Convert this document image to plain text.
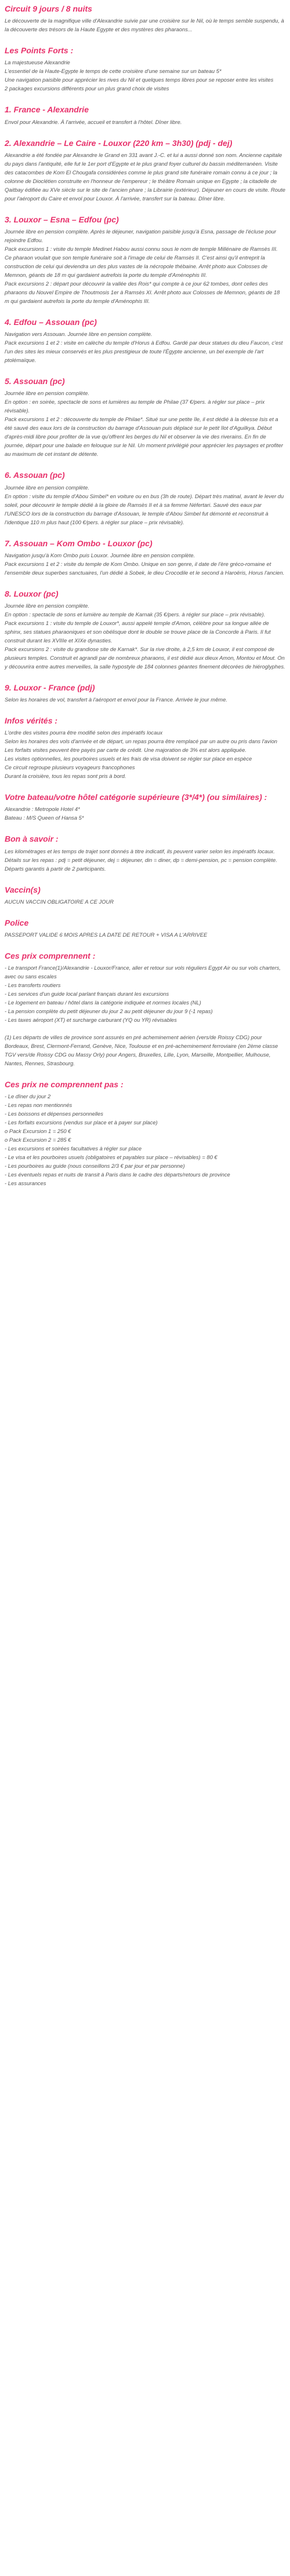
Circuit 9 jours / 8 nuits

Le découverte de la magnifique ville d'Alexandrie suivie par une croisière sur le Nil, où le temps semble suspendu, à la découverte des trésors de la Haute Egypte et des mystères des pharaons...

Les Points Forts :

La majestueuse Alexandrie
L'essentiel de la Haute-Egypte le temps de cette croisière d'une semaine sur un bateau 5*
Une navigation paisible pour apprécier les rives du Nil et quelques temps libres pour se reposer entre les visites
2 packages excursions différents pour un plus grand choix de visites

1. France - Alexandrie

Envol pour Alexandrie. À l'arrivée, accueil et transfert à l'hôtel. Dîner libre.

2. Alexandrie – Le Caire - Louxor (220 km – 3h30) (pdj - dej)

Alexandrie a été fondée par Alexandre le Grand en 331 avant J.-C. et lui a aussi donné son nom. Ancienne capitale du pays dans l'antiquité, elle fut le 1er port d'Egypte et le plus grand foyer culturel du bassin méditerranéen. Visite des catacombes de Kom El Chougafa considérées comme le plus grand site funéraire romain connu à ce jour ; la colonne de Dioclétien construite en l'honneur de l'empereur ; le théâtre Romain unique en Egypte ; la citadelle de Qaitbay édifiée au XVe siècle sur le site de l'ancien phare ; la Librairie (extérieur). Déjeuner en cours de visite. Route pour l'aéroport du Caire et envol pour Louxor. À l'arrivée, transfert sur la bateau. Dîner libre.

3. Louxor – Esna – Edfou (pc)

Journée libre en pension complète. Après le déjeuner, navigation paisible jusqu'à Esna, passage de l'écluse pour rejoindre Edfou.
Pack excursions 1 : visite du temple Medinet Habou aussi connu sous le nom de temple Millénaire de Ramsès III. Ce pharaon voulait que son temple funéraire soit à l'image de celui de Ramsès II. C'est ainsi qu'il entreprit la construction de celui qui deviendra un des plus vastes de la nécropole thébaine. Arrêt photo aux Colosses de Memnon, géants de 18 m qui gardaient autrefois la porte du temple d'Aménophis III.
Pack excursions 2 : départ pour découvrir la vallée des Rois* qui compte à ce jour 62 tombes, dont celles des pharaons du Nouvel Empire de Thoutmosis 1er à Ramsès XI. Arrêt photo aux Colosses de Memnon, géants de 18 m qui gardaient autrefois la porte du temple d'Aménophis III.

4. Edfou – Assouan (pc)

Navigation vers Assouan. Journée libre en pension complète.
Pack excursions 1 et 2 : visite en calèche du temple d'Horus à Edfou. Gardé par deux statues du dieu Faucon, c'est l'un des sites les mieux conservés et les plus prestigieux de toute l'Égypte ancienne, un bel exemple de l'art ptolémaïque.

5. Assouan (pc)

Journée libre en pension complète.
En option : en soirée, spectacle de sons et lumières au temple de Philae (37 €/pers. à régler sur place – prix révisable).
Pack excursions 1 et 2 : découverte du temple de Philae*. Situé sur une petite île, il est dédié à la déesse Isis et a été sauvé des eaux lors de la construction du barrage d'Assouan puis déplacé sur le petit îlot d'Aguilkya. Début d'après-midi libre pour profiter de la vue qu'offrent les berges du Nil et observer la vie des riverains. En fin de journée, départ pour une balade en felouque sur le Nil. Un moment privilégié pour apprécier les paysages et profiter au maximum de cet instant de détente.

6. Assouan (pc)

Journée libre en pension complète.
En option : visite du temple d'Abou Simbel* en voiture ou en bus (3h de route). Départ très matinal, avant le lever du soleil, pour découvrir le temple dédié à la gloire de Ramsès II et à sa femme Néfertari. Sauvé des eaux par l'UNESCO lors de la construction du barrage d'Assouan, le temple d'Abou Simbel fut démonté et reconstruit à l'identique 110 m plus haut (100 €/pers. à régler sur place – prix révisable).

7. Assouan – Kom Ombo - Louxor (pc)

Navigation jusqu'à Kom Ombo puis Louxor. Journée libre en pension complète.
Pack excursions 1 et 2 : visite du temple de Kom Ombo. Unique en son genre, il date de l'ère gréco-romaine et l'ensemble deux superbes sanctuaires, l'un dédié à Sobek, le dieu Crocodile et le second à Haroëris, Horus l'ancien.

8. Louxor (pc)

Journée libre en pension complète.
En option : spectacle de sons et lumière au temple de Karnak (35 €/pers. à régler sur place – prix révisable).
Pack excursions 1 : visite du temple de Louxor*, aussi appelé temple d'Amon, célèbre pour sa longue allée de sphinx, ses statues pharaoniques et son obélisque dont le double se trouve place de la Concorde à Paris. Il fut construit durant les XVIIIe et XIXe dynasties.
Pack excursions 2 : visite du grandiose site de Karnak*. Sur la rive droite, à 2,5 km de Louxor, il est composé de plusieurs temples. Construit et agrandi par de nombreux pharaons, il est dédié aux dieux Amon, Montou et Mout. On y découvrira entre autres merveilles, la salle hypostyle de 184 colonnes géantes finement décorées de hiéroglyphes.

9. Louxor - France (pdj)

Selon les horaires de vol, transfert à l'aéroport et envol pour la France. Arrivée le jour même.

Infos vérités :

L'ordre des visites pourra être modifié selon des impératifs locaux
Selon les horaires des vols d'arrivée et de départ, un repas pourra être remplacé par un autre ou pris dans l'avion
Les forfaits visites peuvent être payés par carte de crédit. Une majoration de 3% est alors appliquée.
Les visites optionnelles, les pourboires usuels et les frais de visa doivent se régler sur place en espèce
Ce circuit regroupe plusieurs voyageurs francophones
Durant la croisière, tous les repas sont pris à bord.

Votre bateau/votre hôtel catégorie supérieure (3*/4*) (ou similaires) :

Alexandrie : Metropole Hotel 4*
Bateau : M/S Queen of Hansa 5*

Bon à savoir :

Les kilométrages et les temps de trajet sont donnés à titre indicatif, ils peuvent varier selon les impératifs locaux.
Détails sur les repas : pdj = petit déjeuner, dej = déjeuner, din = diner, dp = demi-pension, pc = pension complète.
Départs garantis à partir de 2 participants.

Vaccin(s)

AUCUN VACCIN OBLIGATOIRE A CE JOUR

Police

PASSEPORT VALIDE 6 MOIS APRES LA DATE DE RETOUR + VISA A L'ARRIVEE

Ces prix comprennent :

- Le transport France(1)/Alexandrie - Louxor/France, aller et retour sur vols réguliers Egypt Air ou sur vols charters, avec ou sans escales
- Les transferts routiers
- Les services d'un guide local parlant français durant les excursions
- Le logement en bateau / hôtel dans la catégorie indiquée et normes locales (NL)
- La pension complète du petit déjeuner du jour 2 au petit déjeuner du jour 9 (-1 repas)
- Les taxes aéroport (XT) et surcharge carburant (YQ ou YR) révisables

(1) Les départs de villes de province sont assurés en pré acheminement aérien (vers/de Roissy CDG) pour Bordeaux, Brest, Clermont-Ferrand, Genève, Nice, Toulouse et en pré-acheminement ferroviaire (en 2ème classe TGV vers/de Roissy CDG ou Massy Orly) pour Angers, Bruxelles, Lille, Lyon, Marseille, Montpellier, Mulhouse, Nantes, Rennes, Strasbourg.

Ces prix ne comprennent pas :

- Le dîner du jour 2
- Les repas non mentionnés
- Les boissons et dépenses personnelles
- Les forfaits excursions (vendus sur place et à payer sur place)
o Pack Excursion 1 = 250 €
o Pack Excursion 2 = 285 €
- Les excursions et soirées facultatives à régler sur place
- Le visa et les pourboires usuels (obligatoires et payables sur place – révisables) = 80 €
- Les pourboires au guide (nous conseillons 2/3 € par jour et par personne)
- Les éventuels repas et nuits de transit à Paris dans le cadre des départs/retours de province
- Les assurances
